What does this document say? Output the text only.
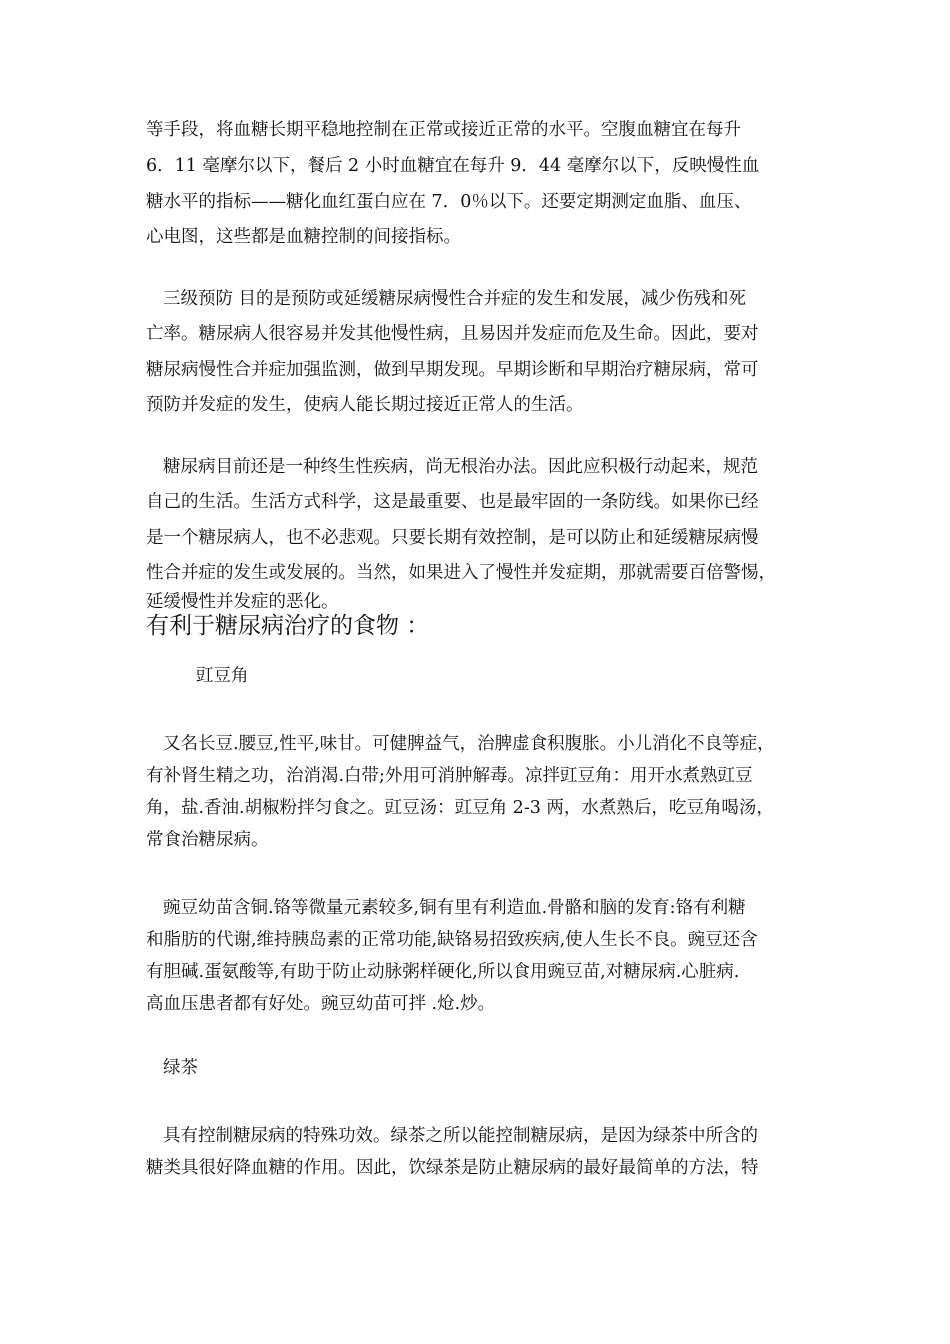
等手段，将血糖长期平稳地控制在正常或接近正常的水平。空腹血糖宜在每升

6．11 毫摩尔以下，餐后 2 小时血糖宜在每升 9．44 毫摩尔以下，反映慢性血

糖水平的指标——糖化血红蛋白应在 7．0％以下。还要定期测定血脂、血压、

心电图，这些都是血糖控制的间接指标。

三级预防 目的是预防或延缓糖尿病慢性合并症的发生和发展，减少伤残和死

亡率。糖尿病人很容易并发其他慢性病，且易因并发症而危及生命。因此，要对

糖尿病慢性合并症加强监测，做到早期发现。早期诊断和早期治疗糖尿病，常可

预防并发症的发生，使病人能长期过接近正常人的生活。

糖尿病目前还是一种终生性疾病，尚无根治办法。因此应积极行动起来，规范

自己的生活。生活方式科学，这是最重要、也是最牢固的一条防线。如果你已经

是一个糖尿病人，也不必悲观。只要长期有效控制，是可以防止和延缓糖尿病慢

性合并症的发生或发展的。当然，如果进入了慢性并发症期，那就需要百倍警惕，

延缓慢性并发症的恶化。

有利于糖尿病治疗的食物 ：

豇豆角

又名长豆.腰豆,性平,味甘。可健脾益气，治脾虚食积腹胀。小儿消化不良等症，

有补肾生精之功，治消渴.白带;外用可消肿解毒。凉拌豇豆角：用开水煮熟豇豆

角，盐.香油.胡椒粉拌匀食之。豇豆汤：豇豆角 2-3 两，水煮熟后，吃豆角喝汤，

常食治糖尿病。

豌豆幼苗含铜.铬等微量元素较多,铜有里有利造血.骨骼和脑的发育:铬有利糖

和脂肪的代谢,维持胰岛素的正常功能,缺铬易招致疾病,使人生长不良。豌豆还含

有胆碱.蛋氨酸等,有助于防止动脉粥样硬化,所以食用豌豆苗,对糖尿病.心脏病.

高血压患者都有好处。豌豆幼苗可拌 .炝.炒。

绿茶

具有控制糖尿病的特殊功效。绿茶之所以能控制糖尿病，是因为绿茶中所含的

糖类具很好降血糖的作用。因此，饮绿茶是防止糖尿病的最好最简单的方法，特
